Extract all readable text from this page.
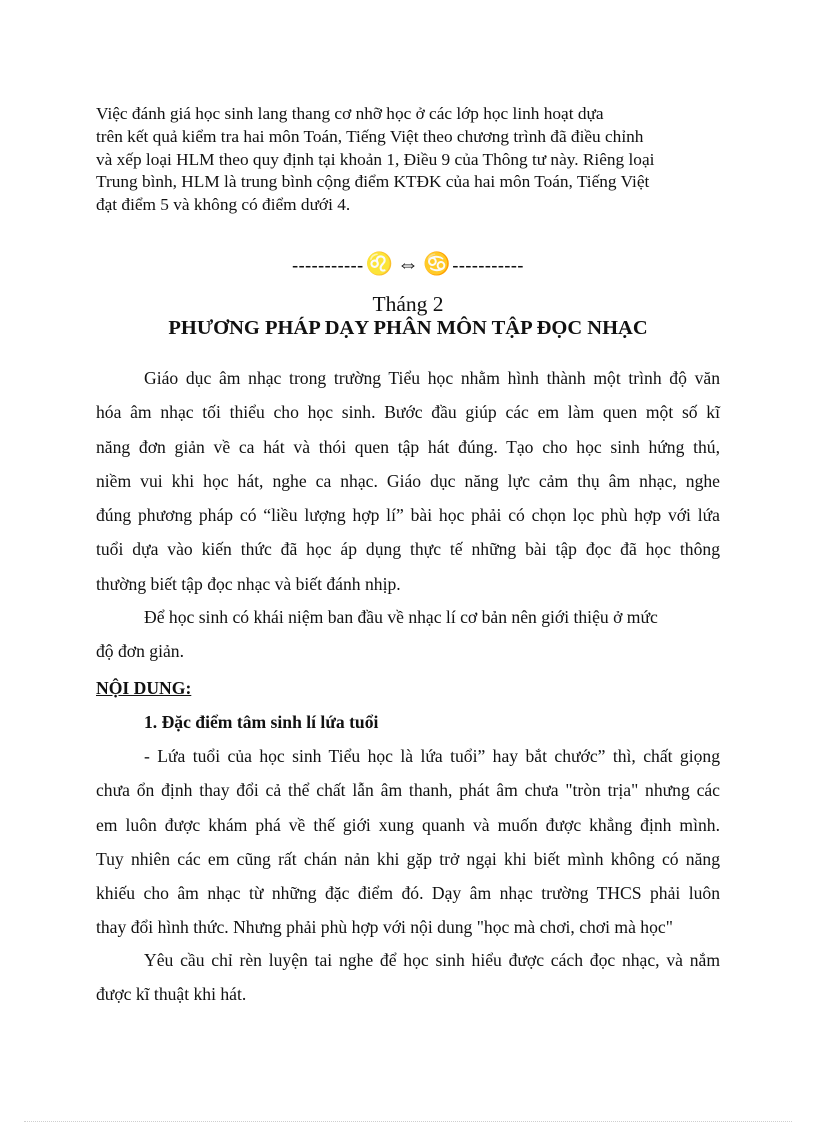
Việc đánh giá học sinh lang thang cơ nhỡ học ở các lớp học linh hoạt dựa
trên kết quả kiểm tra hai môn Toán, Tiếng Việt theo chương trình đã điều chỉnh
và xếp loại HLM theo quy định tại khoản 1, Điều 9 của Thông tư này. Riêng loại
Trung bình, HLM là trung bình cộng điểm KTĐK của hai môn Toán, Tiếng Việt
đạt điểm 5 và không có điểm dưới 4.
-----------♌ ⇔ ♋ -----------
Tháng 2
PHƯƠNG PHÁP DẠY PHÂN MÔN TẬP ĐỌC NHẠC
Giáo dục âm nhạc trong trường Tiểu học nhằm hình thành một trình độ văn
hóa âm nhạc tối thiểu cho học sinh. Bước đầu giúp các em làm quen một số kĩ
năng đơn giản về ca hát và thói quen tập hát đúng. Tạo cho học sinh hứng thú,
niềm vui khi học hát, nghe ca nhạc. Giáo dục năng lực cảm thụ âm nhạc, nghe
đúng phương pháp có “liều lượng hợp lí” bài học phải có chọn lọc phù hợp với lứa
tuổi dựa vào kiến thức đã học áp dụng thực tế những bài tập đọc đã học thông
thường biết tập đọc nhạc và biết đánh nhịp.
Để học sinh có khái niệm ban đầu về nhạc lí cơ bản nên giới thiệu ở mức
độ đơn giản.
NỘI DUNG:
1. Đặc điểm tâm sinh lí lứa tuổi
- Lứa tuổi của học sinh Tiểu học là lứa tuổi” hay bắt chước” thì, chất giọng
chưa ổn định thay đổi cả thể chất lẫn âm thanh, phát âm chưa "tròn trịa" nhưng các
em luôn được khám phá về thế giới xung quanh và muốn được khẳng định mình.
Tuy nhiên các em cũng rất chán nản khi gặp trở ngại khi biết mình không có năng
khiếu cho âm nhạc từ những đặc điểm đó. Dạy âm nhạc trường THCS phải luôn
thay đổi hình thức. Nhưng phải phù hợp với nội dung "học mà chơi, chơi mà học"
Yêu cầu chỉ rèn luyện tai nghe để học sinh hiểu được cách đọc nhạc, và nắm
được kĩ thuật khi hát.
